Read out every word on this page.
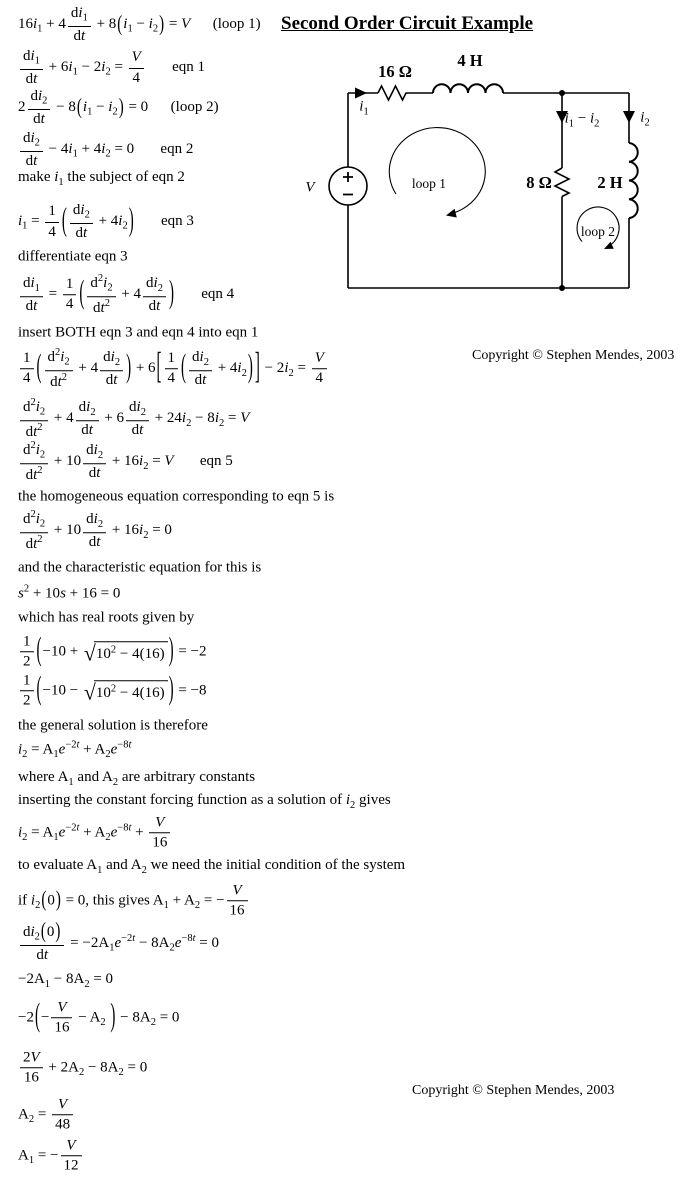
Second Order Circuit Example
16 Ω
4 H
8 Ω	2 H
loop 1
loop 2
V
$i_1$	$i_1 - i_2$	$i_2$
$16i_1 + 4 \frac{di_1}{dt} + 8(i_1 - i_2) = V$   (loop 1)
$\frac{di_1}{dt} + 6i_1 - 2i_2 = \frac{V}{4}$
   eqn 1
$2 \frac{di_2}{dt} - 8(i_1 - i_2) = 0$   (loop 2)
$\frac{di_2}{dt} - 4i_1 + 4i_2 = 0$   eqn 2
make $i_1$ the subject of eqn 2
$i_1 = \frac{1}{4}$ ( $\frac{di_2}{dt} + 4i_2$)   eqn 3
differentiate eqn 3
$\frac{di_1}{dt} = \frac{1}{4}$ ( $\frac{d^2i_2}{dt^2} + 4 \frac{di_2}{dt}$ )   eqn 4
insert BOTH eqn 3 and eqn 4 into eqn 1
$\frac{1}{4}$ ( $\frac{d^2i_2}{dt^2} + 4 \frac{di_2}{dt}$ ) + $6[ \frac{1}{4}$ ( $\frac{di_2}{dt} + 4i_2$) ] − $2i_2 = \frac{V}{4}$
$\frac{d^2i_2}{dt^2} + 4 \frac{di_2}{dt} + 6 \frac{di_2}{dt} + 24i_2 - 8i_2 = V$
$\frac{d^2i_2}{dt^2} + 10 \frac{di_2}{dt} + 16i_2 = V$   eqn 5
the homogeneous equation corresponding to eqn 5 is
$\frac{d^2i_2}{dt^2} + 10 \frac{di_2}{dt} + 16i_2 = 0$
and the characteristic equation for this is
$s^2 + 10s + 16 = 0$
which has real roots given by
$\frac{1}{2} (-10$ + √ $10^2 - 4(16)$ ) = −2
$\frac{1}{2} (-10$ − √ $10^2 - 4(16)$ ) = −8
the general solution is therefore
$i_2 = A_1e^{-2t} + A_2e^{-8t}$
where $A_1$ and $A_2$ are arbitrary constants
inserting the constant forcing function as a solution of $i_2$ gives
$i_2 = A_1e^{-2t} + A_2e^{-8t} + \frac{V}{16}$
to evaluate $A_1$ and $A_2$ we need the initial condition of the system
if $i_2(0) = 0$, this gives $A_1 + A_2$ = − $\frac{V}{16}$
$\frac{di_2(0)}{dt} = -2A_1e^{-2t} - 8A_2e^{-8t} = 0$
$-2A_1 - 8A_2 = 0$
$-2(- \frac{V}{16} - A_2$ ) − $8A_2 = 0$
$\frac{2V}{16} + 2A_2 - 8A_2 = 0$
$A_2 = \frac{V}{48}$
$A_1$ = − $\frac{V}{12}$
Copyright © Stephen Mendes, 2003
Copyright © Stephen Mendes, 2003
